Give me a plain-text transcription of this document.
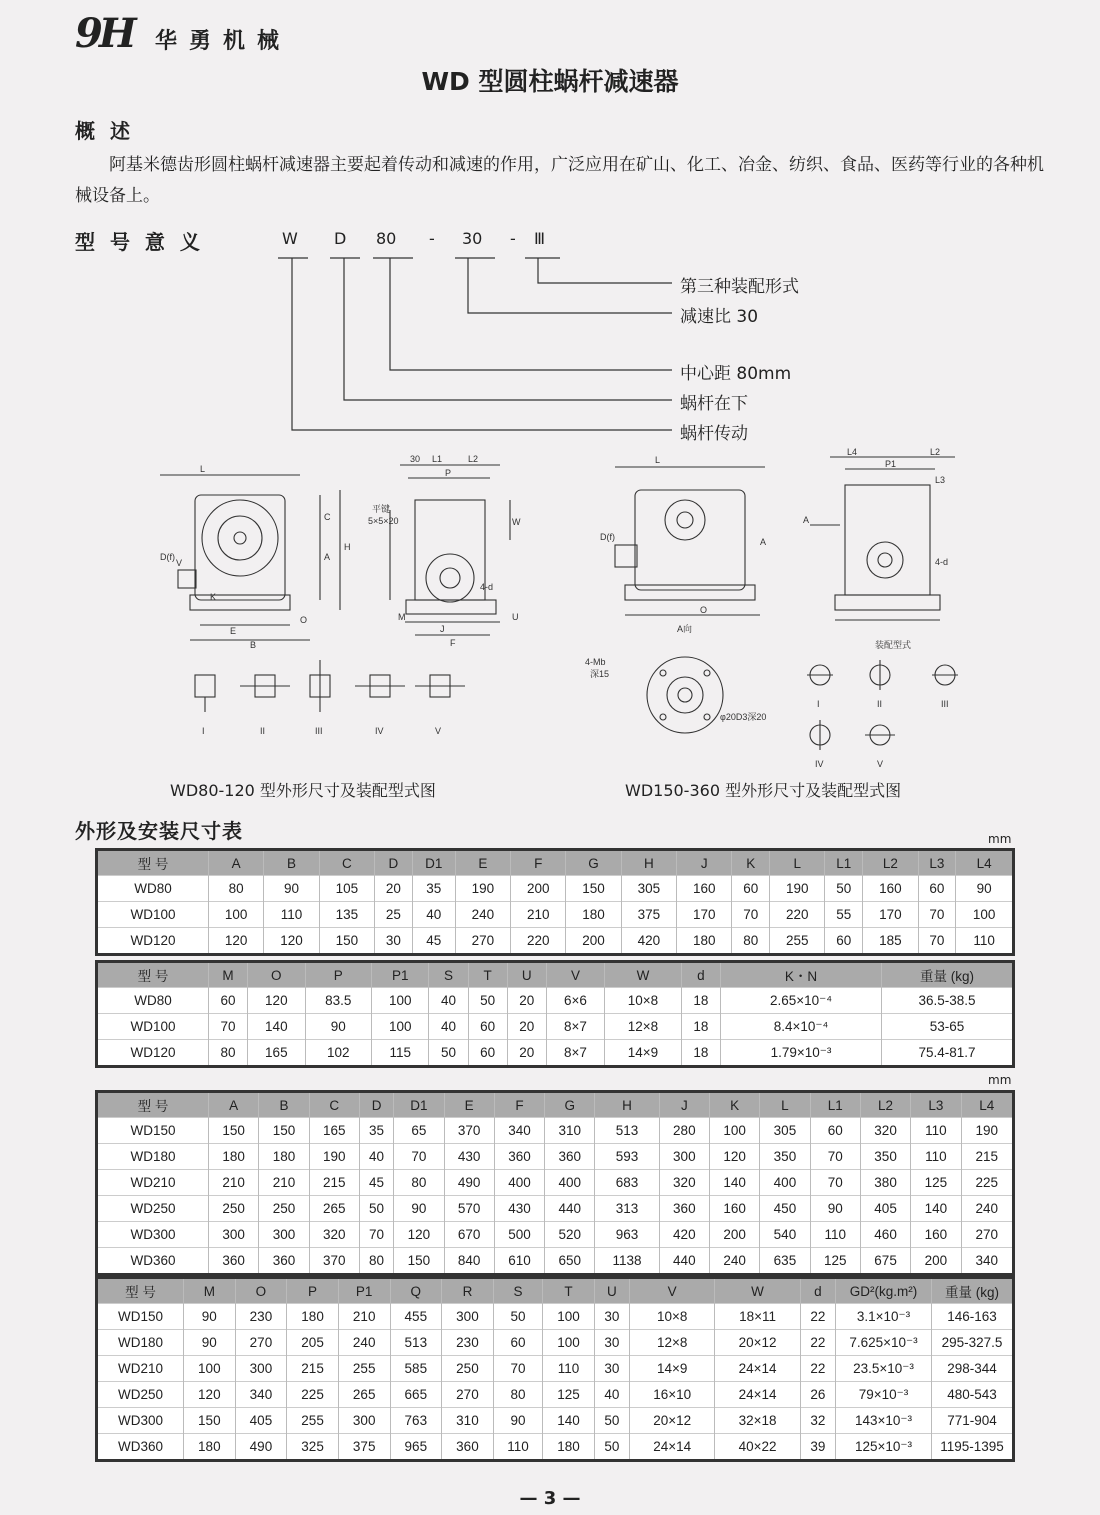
9H 华勇机械
WD 型圆柱蜗杆减速器
概 述
阿基米德齿形圆柱蜗杆减速器主要起着传动和减速的作用，广泛应用在矿山、化工、冶金、纺织、食品、医药等行业的各种机械设备上。
型 号 意 义	W D 80 - 30 - Ⅲ
第三种装配形式
减速比 30
中心距 80mm
蜗杆在下
蜗杆传动
L
C
H
A
D(f)
V
K
E
B
O
30 L1	L2
P
平键
5×5×20	W
4-d
U
M
J
F
I	II	III	IV	V
WD80-120 型外形尺寸及装配型式图
L
D(f)	A
O
A向
L4	L2
P1
L3
A
4-d
4-Mb
深15
φ20D3深20
装配型式
I	II	III
IV	V
WD150-360 型外形尺寸及装配型式图
外形及安装尺寸表	mm
型 号	A	B	C	D	D1	E	F	G	H	J	K	L	L1	L2	L3	L4
WD80	80	90	105	20	35	190	200	150	305	160	60	190	50	160	60	90
WD100	100	110	135	25	40	240	210	180	375	170	70	220	55	170	70	100
WD120	120	120	150	30	45	270	220	200	420	180	80	255	60	185	70	110
型 号	M	O	P	P1	S	T	U	V	W	d	K・N	重量 (kg)
WD80	60	120	83.5	100	40	50	20	6×6	10×8	18	2.65×10⁻⁴	36.5-38.5
WD100	70	140	90	100	40	60	20	8×7	12×8	18	8.4×10⁻⁴	53-65
WD120	80	165	102	115	50	60	20	8×7	14×9	18	1.79×10⁻³	75.4-81.7
mm
型 号	A	B	C	D	D1	E	F	G	H	J	K	L	L1	L2	L3	L4
WD150	150	150	165	35	65	370	340	310	513	280	100	305	60	320	110	190
WD180	180	180	190	40	70	430	360	360	593	300	120	350	70	350	110	215
WD210	210	210	215	45	80	490	400	400	683	320	140	400	70	380	125	225
WD250	250	250	265	50	90	570	430	440	313	360	160	450	90	405	140	240
WD300	300	300	320	70	120	670	500	520	963	420	200	540	110	460	160	270
WD360	360	360	370	80	150	840	610	650	1138	440	240	635	125	675	200	340
型 号	M	O	P	P1	Q	R	S	T	U	V	W	d	GD²(kg.m²)	重量 (kg)
WD150	90	230	180	210	455	300	50	100	30	10×8	18×11	22	3.1×10⁻³	146-163
WD180	90	270	205	240	513	230	60	100	30	12×8	20×12	22	7.625×10⁻³	295-327.5
WD210	100	300	215	255	585	250	70	110	30	14×9	24×14	22	23.5×10⁻³	298-344
WD250	120	340	225	265	665	270	80	125	40	16×10	24×14	26	79×10⁻³	480-543
WD300	150	405	255	300	763	310	90	140	50	20×12	32×18	32	143×10⁻³	771-904
WD360	180	490	325	375	965	360	110	180	50	24×14	40×22	39	125×10⁻³	1195-1395
— 3 —
